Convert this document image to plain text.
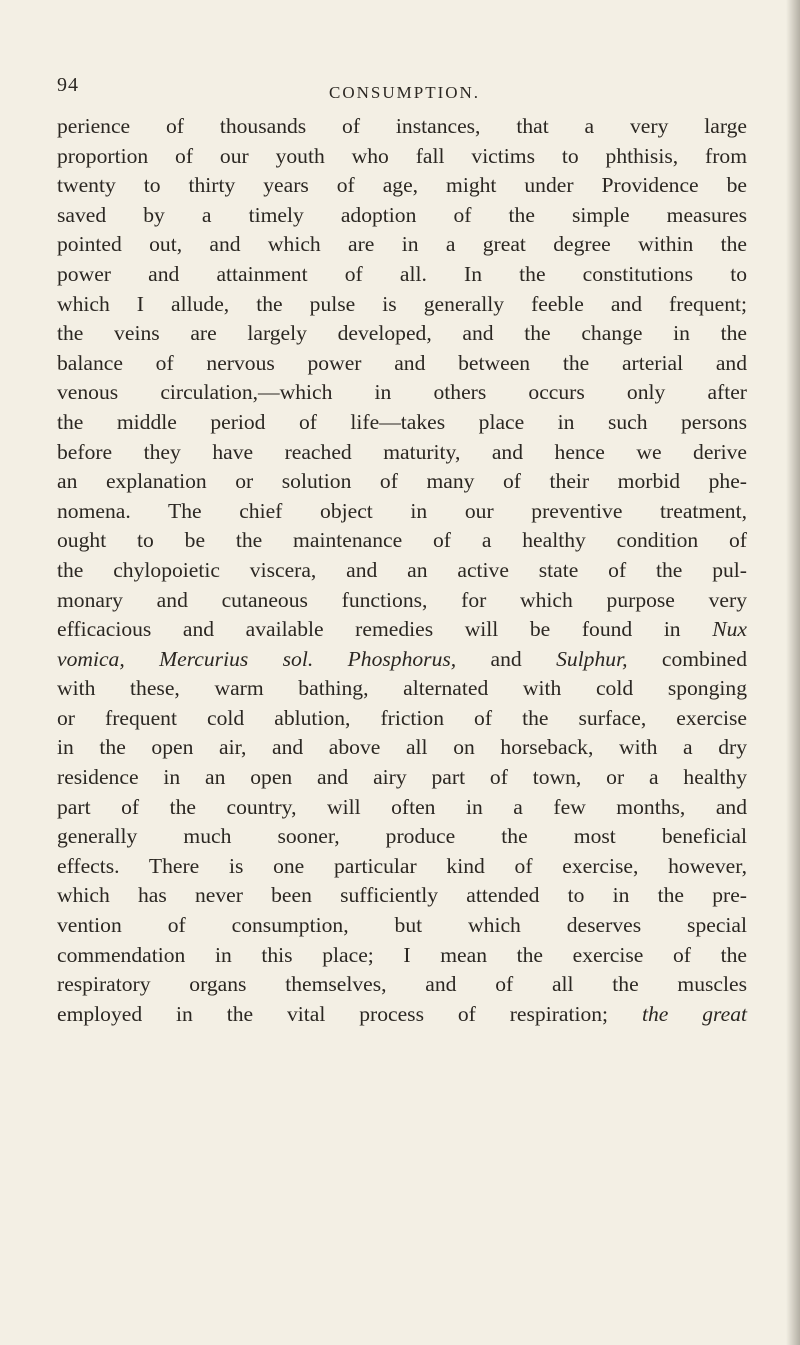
94	CONSUMPTION.
perience of thousands of instances, that a very large
proportion of our youth who fall victims to phthisis, from
twenty to thirty years of age, might under Providence be
saved by a timely adoption of the simple measures
pointed out, and which are in a great degree within the
power and attainment of all. In the constitutions to
which I allude, the pulse is generally feeble and frequent;
the veins are largely developed, and the change in the
balance of nervous power and between the arterial and
venous circulation,—which in others occurs only after
the middle period of life—takes place in such persons
before they have reached maturity, and hence we derive
an explanation or solution of many of their morbid phe-
nomena. The chief object in our preventive treatment,
ought to be the maintenance of a healthy condition of
the chylopoietic viscera, and an active state of the pul-
monary and cutaneous functions, for which purpose very
efficacious and available remedies will be found in Nux
vomica, Mercurius sol. Phosphorus, and Sulphur, combined
with these, warm bathing, alternated with cold sponging
or frequent cold ablution, friction of the surface, exercise
in the open air, and above all on horseback, with a dry
residence in an open and airy part of town, or a healthy
part of the country, will often in a few months, and
generally much sooner, produce the most beneficial
effects. There is one particular kind of exercise, however,
which has never been sufficiently attended to in the pre-
vention of consumption, but which deserves special
commendation in this place; I mean the exercise of the
respiratory organs themselves, and of all the muscles
employed in the vital process of respiration; the great
